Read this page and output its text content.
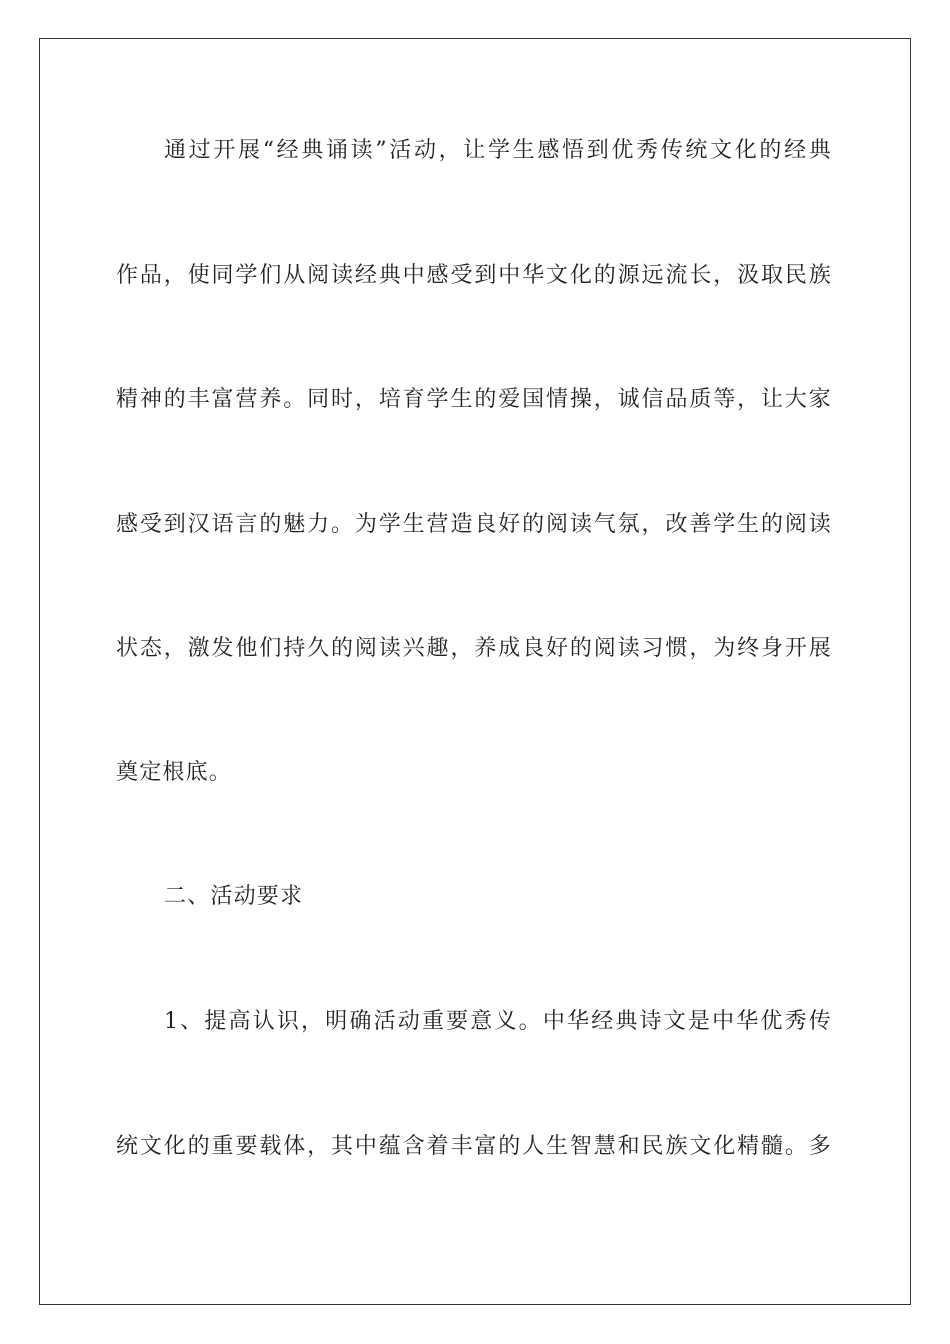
通过开展“经典诵读”活动，让学生感悟到优秀传统文化的经典
作品，使同学们从阅读经典中感受到中华文化的源远流长，汲取民族
精神的丰富营养。同时，培育学生的爱国情操，诚信品质等，让大家
感受到汉语言的魅力。为学生营造良好的阅读气氛，改善学生的阅读
状态，激发他们持久的阅读兴趣，养成良好的阅读习惯，为终身开展
奠定根底。
二、活动要求
1、提高认识，明确活动重要意义。中华经典诗文是中华优秀传
统文化的重要载体，其中蕴含着丰富的人生智慧和民族文化精髓。多
